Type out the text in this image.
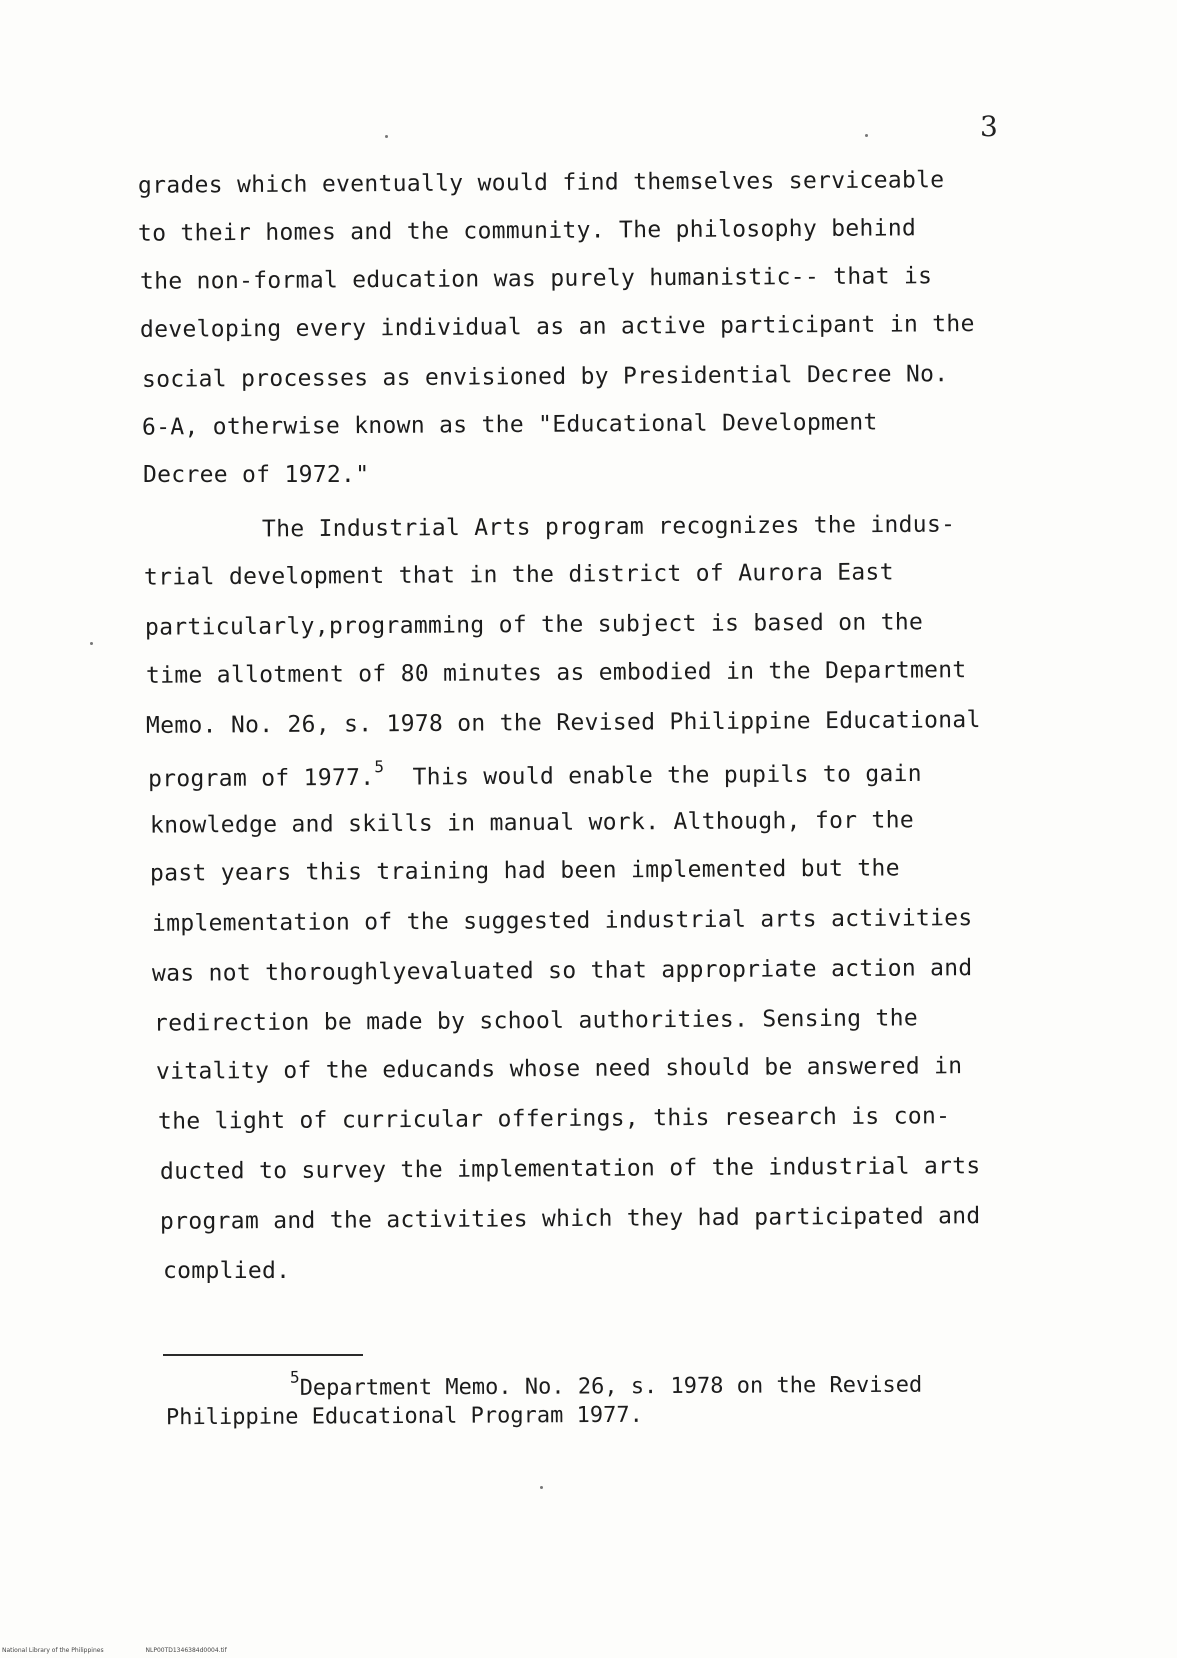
3
grades which eventually would find themselves serviceable
to their homes and the community. The philosophy behind
the non-formal education was purely humanistic-- that is
developing every individual as an active participant in the
social processes as envisioned by Presidential Decree No.
6-A, otherwise known as the "Educational Development
Decree of 1972."
The Industrial Arts program recognizes the indus-
trial development that in the district of Aurora East
particularly,programming of the subject is based on the
time allotment of 80 minutes as embodied in the Department
Memo. No. 26, s. 1978 on the Revised Philippine Educational
program of 1977.$^5$ This would enable the pupils to gain
knowledge and skills in manual work. Although, for the
past years this training had been implemented but the
implementation of the suggested industrial arts activities
was not thoroughlyevaluated so that appropriate action and
redirection be made by school authorities. Sensing the
vitality of the educands whose need should be answered in
the light of curricular offerings, this research is con-
ducted to survey the implementation of the industrial arts
program and the activities which they had participated and
complied.
$^5$Department Memo. No. 26, s. 1978 on the Revised
Philippine Educational Program 1977.
National Library of the Philippines	NLP00TD1346384d0004.tif
